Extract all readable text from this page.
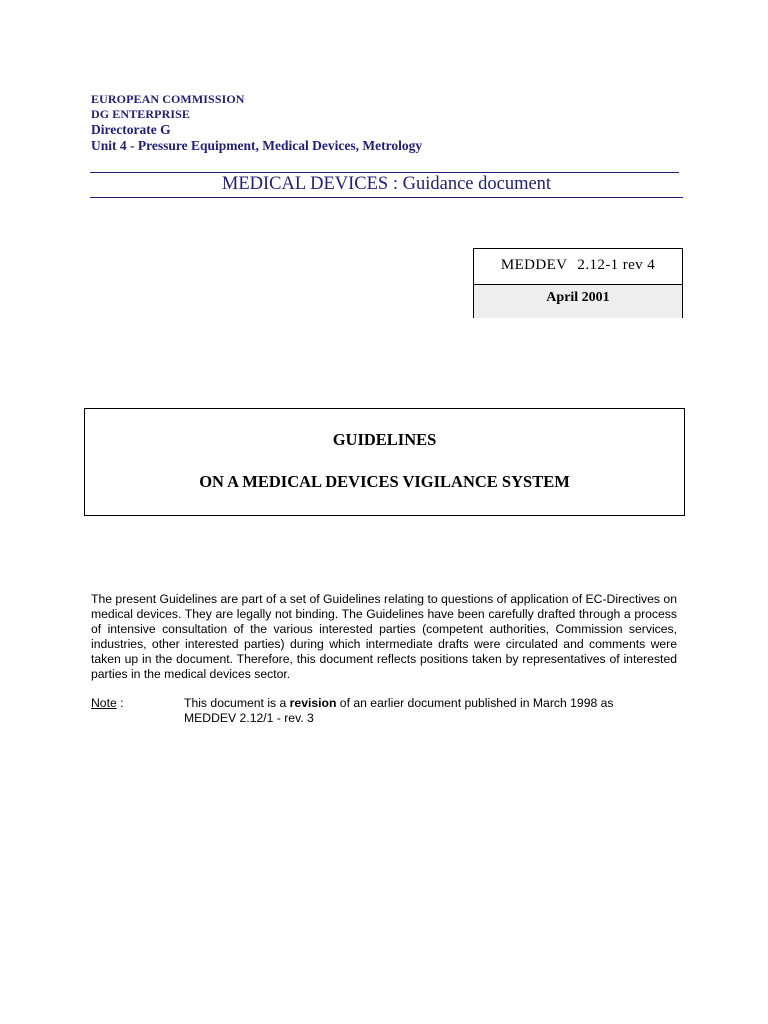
EUROPEAN COMMISSION
DG ENTERPRISE
Directorate G
Unit 4 - Pressure Equipment, Medical Devices, Metrology
MEDICAL DEVICES : Guidance document
MEDDEV 2.12-1 rev 4
April 2001
GUIDELINES
ON A MEDICAL DEVICES VIGILANCE SYSTEM

The present Guidelines are part of a set of Guidelines relating to questions of application of EC-Directives on medical devices. They are legally not binding. The Guidelines have been carefully drafted through a process of intensive consultation of the various interested parties (competent authorities, Commission services, industries, other interested parties) during which intermediate drafts were circulated and comments were taken up in the document. Therefore, this document reflects positions taken by representatives of interested parties in the medical devices sector.

Note :	This document is a revision of an earlier document published in March 1998 as
MEDDEV 2.12/1 - rev. 3
